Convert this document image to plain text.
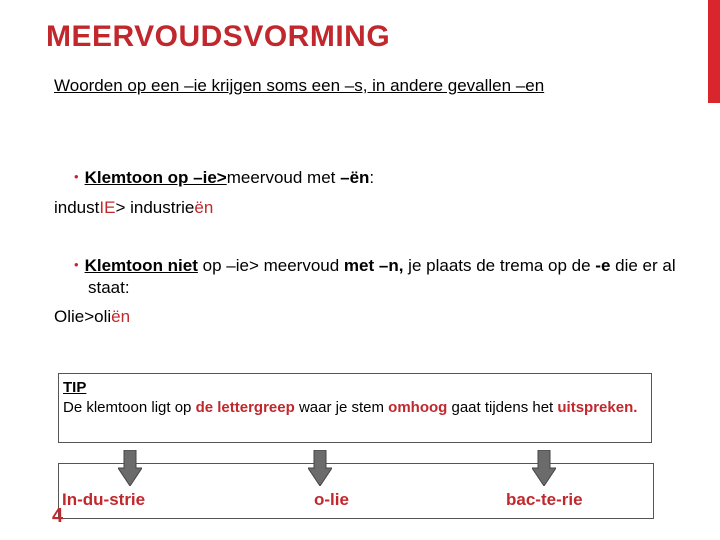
MEERVOUDSVORMING
Woorden op een –ie krijgen soms een –s, in andere gevallen –en
• Klemtoon op –ie>meervoud met –ën:
industIE> industrieën
• Klemtoon niet op –ie> meervoud met –n, je plaats de trema op de -e die er al staat:
Olie>oliën
TIP
De klemtoon ligt op de lettergreep waar je stem omhoog gaat tijdens het uitspreken.
In-du-strie	o-lie	bac-te-rie
4
